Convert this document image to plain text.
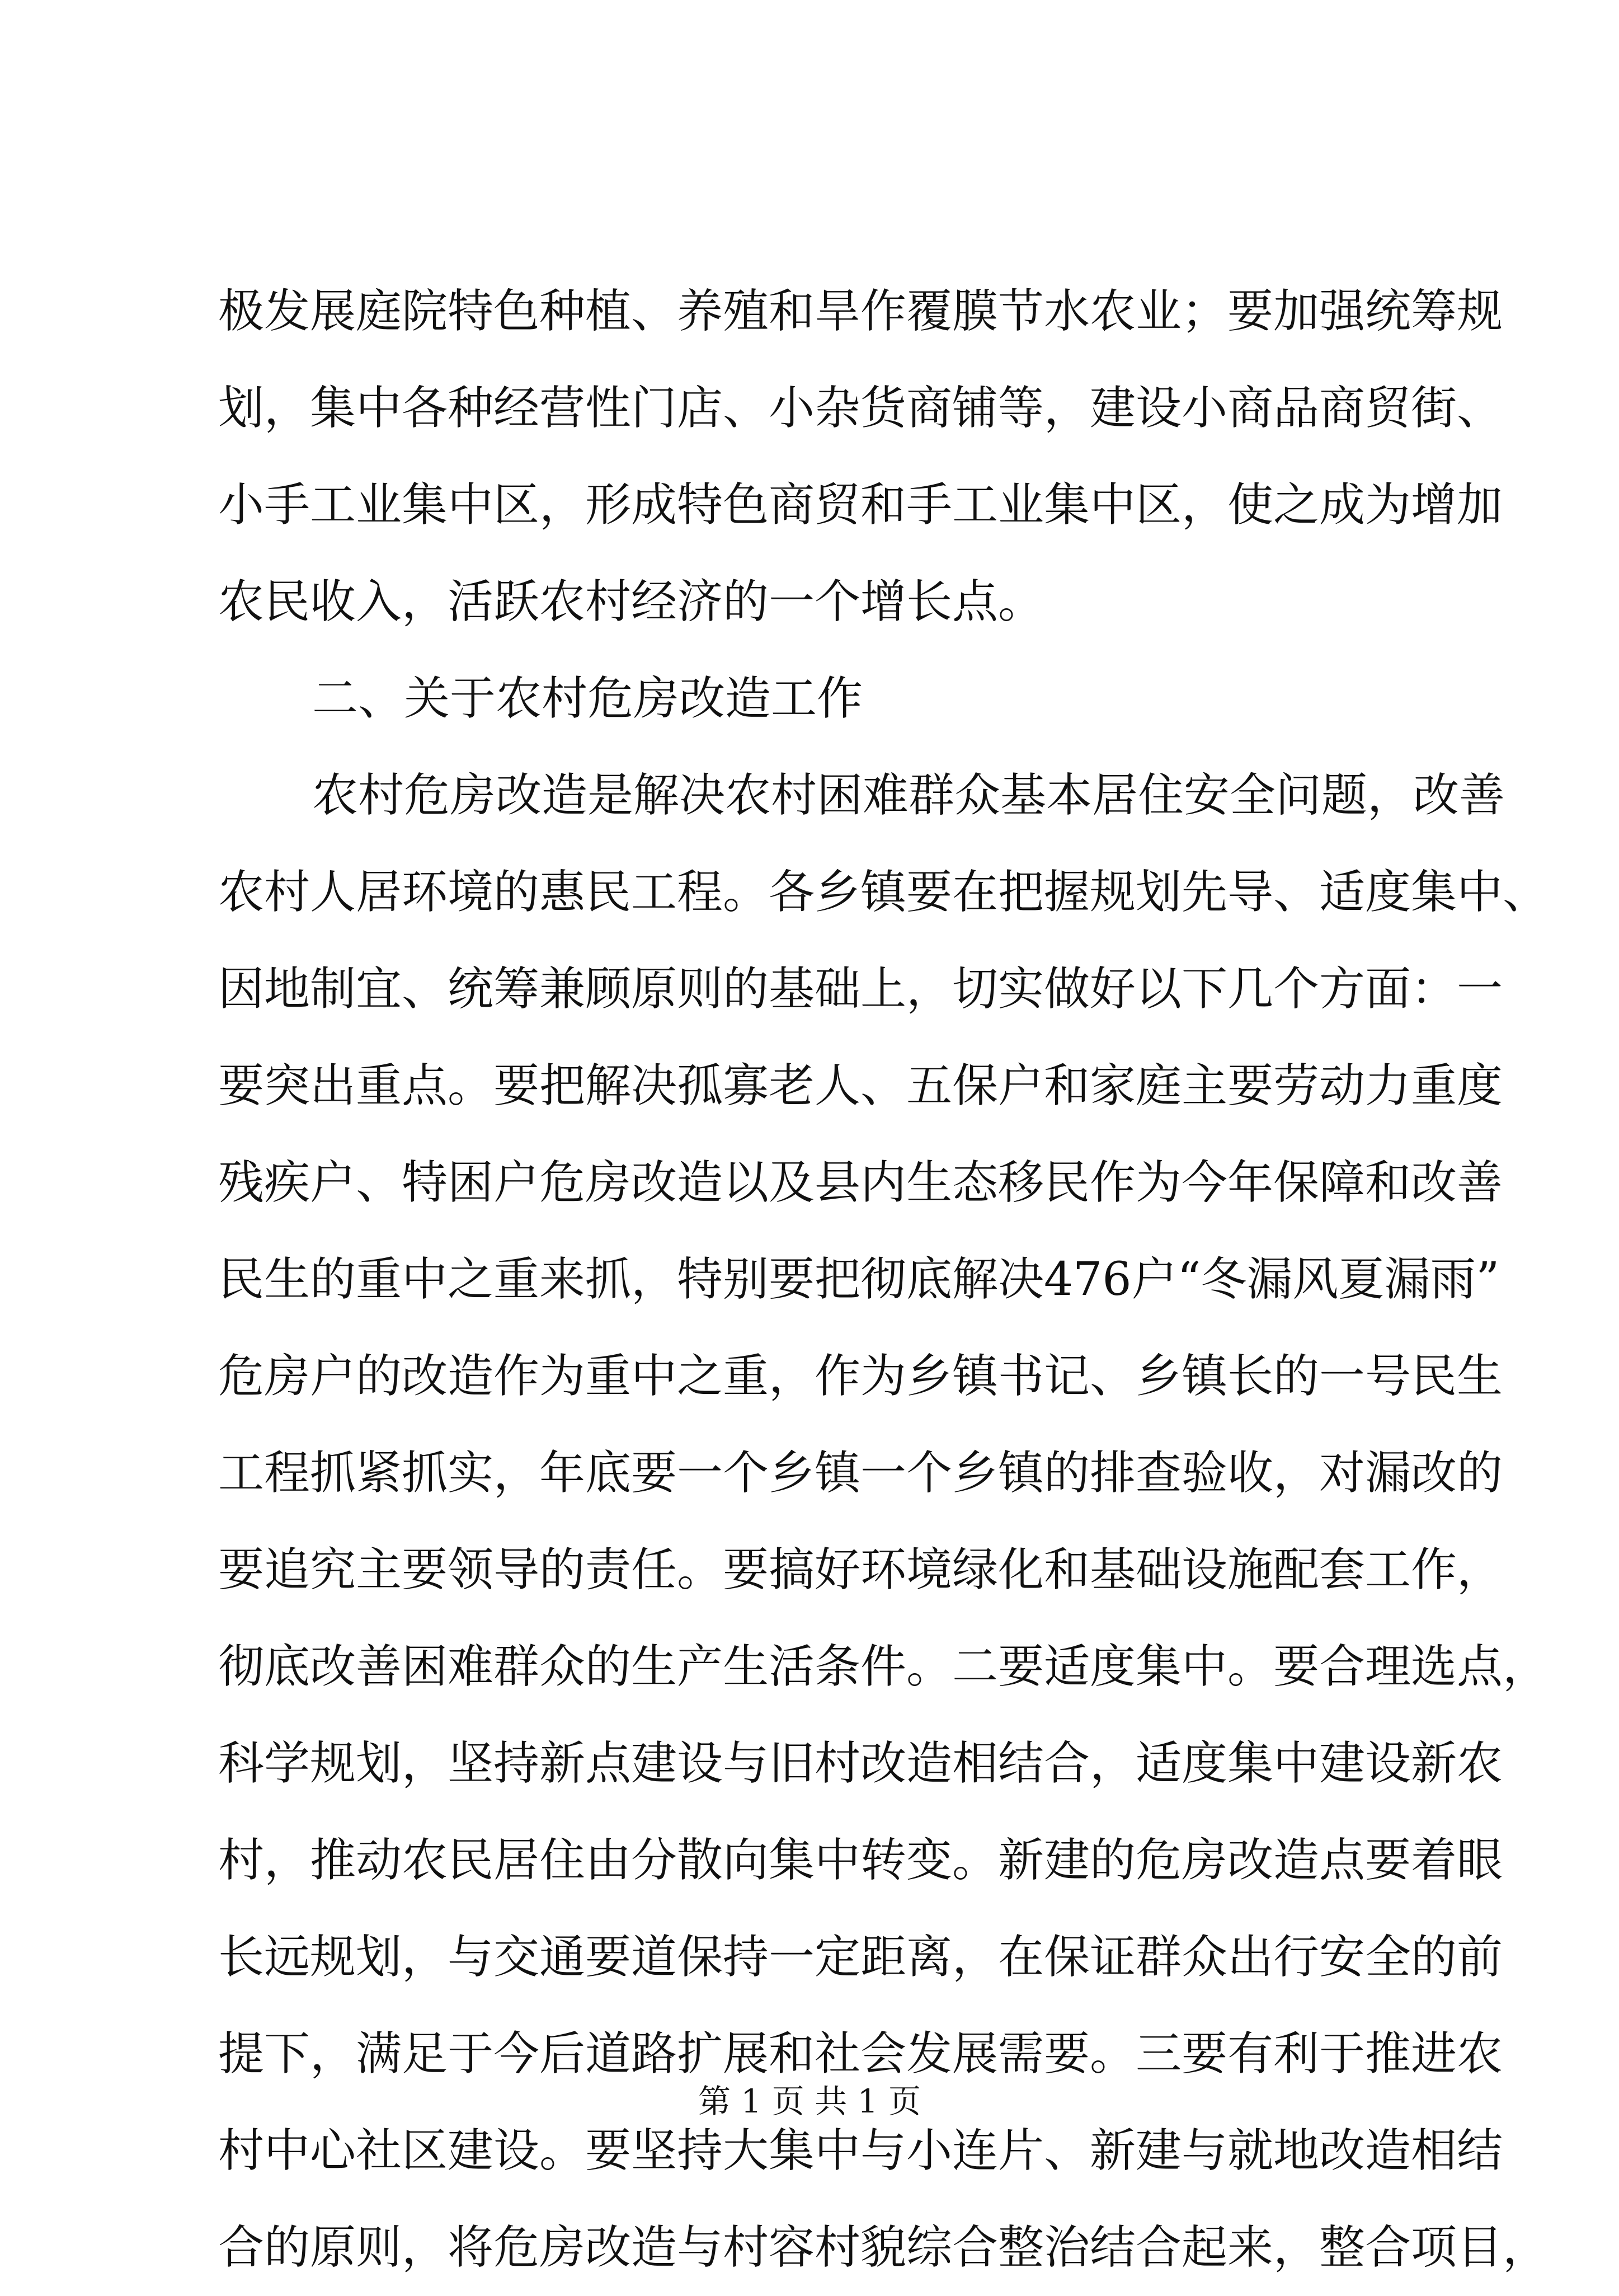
极发展庭院特色种植、养殖和旱作覆膜节水农业；要加强统筹规
划，集中各种经营性门店、小杂货商铺等，建设小商品商贸街、
小手工业集中区，形成特色商贸和手工业集中区，使之成为增加
农民收入，活跃农村经济的一个增长点。
二、关于农村危房改造工作
农村危房改造是解决农村困难群众基本居住安全问题，改善
农村人居环境的惠民工程。各乡镇要在把握规划先导、适度集中、
因地制宜、统筹兼顾原则的基础上，切实做好以下几个方面：一
要突出重点。要把解决孤寡老人、五保户和家庭主要劳动力重度
残疾户、特困户危房改造以及县内生态移民作为今年保障和改善
民生的重中之重来抓，特别要把彻底解决476户“冬漏风夏漏雨”
危房户的改造作为重中之重，作为乡镇书记、乡镇长的一号民生
工程抓紧抓实，年底要一个乡镇一个乡镇的排查验收，对漏改的
要追究主要领导的责任。要搞好环境绿化和基础设施配套工作，
彻底改善困难群众的生产生活条件。二要适度集中。要合理选点，
科学规划，坚持新点建设与旧村改造相结合，适度集中建设新农
村，推动农民居住由分散向集中转变。新建的危房改造点要着眼
长远规划，与交通要道保持一定距离，在保证群众出行安全的前
提下，满足于今后道路扩展和社会发展需要。三要有利于推进农
村中心社区建设。要坚持大集中与小连片、新建与就地改造相结
合的原则，将危房改造与村容村貌综合整治结合起来，整合项目，
第 1 页 共 1 页
